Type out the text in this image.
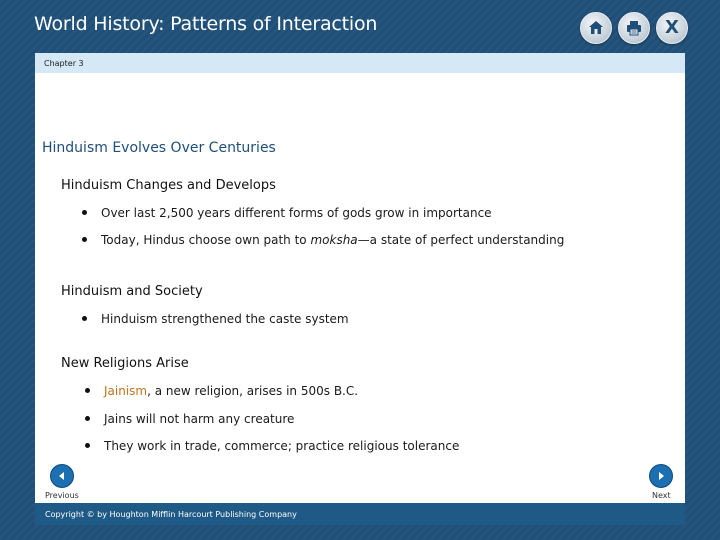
World History: Patterns of Interaction	X
Chapter 3
Hinduism Evolves Over Centuries
Hinduism Changes and Develops
Over last 2,500 years different forms of gods grow in importance
Today, Hindus choose own path to moksha—a state of perfect understanding
Hinduism and Society
Hinduism strengthened the caste system
New Religions Arise
Jainism, a new religion, arises in 500s B.C.
Jains will not harm any creature
They work in trade, commerce; practice religious tolerance
Previous	Next
Copyright © by Houghton Mifflin Harcourt Publishing Company
